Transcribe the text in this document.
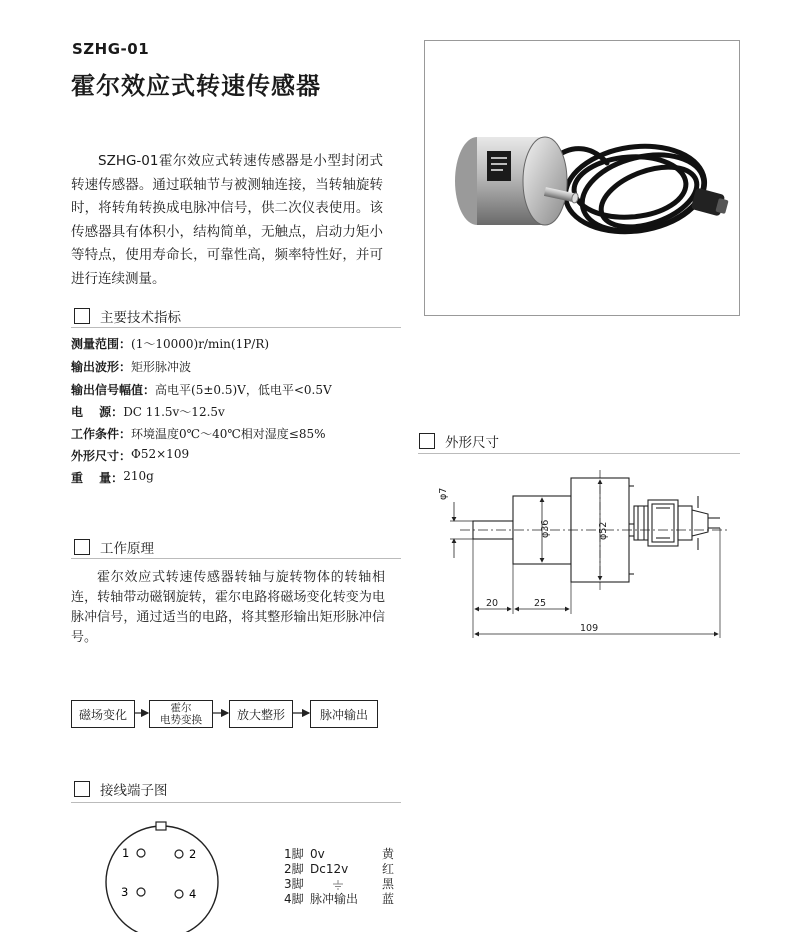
SZHG-01
霍尔效应式转速传感器
SZHG-01霍尔效应式转速传感器是小型封闭式转速传感器。通过联轴节与被测轴连接，当转轴旋转时，将转角转换成电脉冲信号，供二次仪表使用。该传感器具有体积小，结构简单，无触点，启动力矩小等特点，使用寿命长，可靠性高，频率特性好，并可进行连续测量。
主要技术指标
测量范围： (1～10000)r/min(1P/R)
输出波形： 矩形脉冲波
输出信号幅值： 高电平(5±0.5)V，低电平<0.5V
电　 源： DC 11.5v～12.5v
工作条件： 环境温度0℃～40℃相对湿度≤85%
外形尺寸： Φ52×109
重　 量： 210g
工作原理
霍尔效应式转速传感器转轴与旋转物体的转轴相连，转轴带动磁钢旋转，霍尔电路将磁场变化转变为电脉冲信号，通过适当的电路，将其整形输出矩形脉冲信号。
磁场变化	霍尔
电势变换	放大整形	脉冲输出
接线端子图
1	2
3	4
1脚 0v	黄
2脚 Dc12v	红
3脚	黑
4脚 脉冲输出	蓝
外形尺寸
φ7
φ36	φ52
20	25
109
